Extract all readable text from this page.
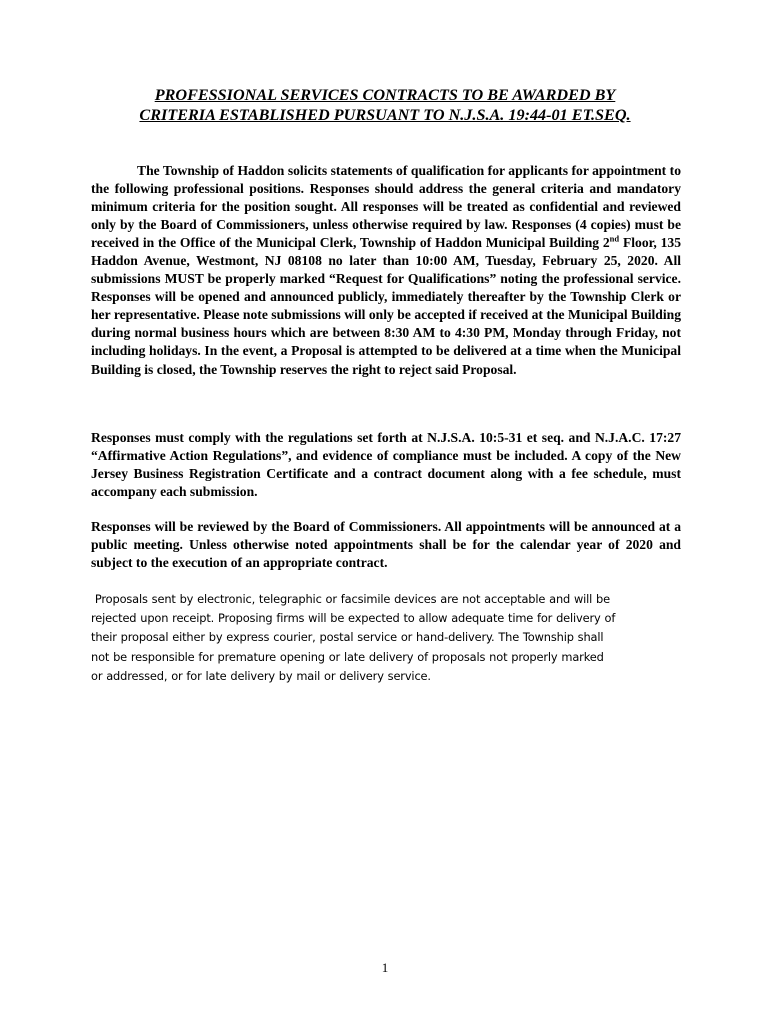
PROFESSIONAL SERVICES CONTRACTS TO BE AWARDED BY
CRITERIA ESTABLISHED PURSUANT TO N.J.S.A. 19:44-01 ET.SEQ.

The Township of Haddon solicits statements of qualification for applicants for appointment to the following professional positions. Responses should address the general criteria and mandatory minimum criteria for the position sought. All responses will be treated as confidential and reviewed only by the Board of Commissioners, unless otherwise required by law. Responses (4 copies) must be received in the Office of the Municipal Clerk, Township of Haddon Municipal Building 2nd Floor, 135 Haddon Avenue, Westmont, NJ 08108 no later than 10:00 AM, Tuesday, February 25, 2020. All submissions MUST be properly marked “Request for Qualifications” noting the professional service. Responses will be opened and announced publicly, immediately thereafter by the Township Clerk or her representative. Please note submissions will only be accepted if received at the Municipal Building during normal business hours which are between 8:30 AM to 4:30 PM, Monday through Friday, not including holidays. In the event, a Proposal is attempted to be delivered at a time when the Municipal Building is closed, the Township reserves the right to reject said Proposal.

Responses must comply with the regulations set forth at N.J.S.A. 10:5-31 et seq. and N.J.A.C. 17:27 “Affirmative Action Regulations”, and evidence of compliance must be included. A copy of the New Jersey Business Registration Certificate and a contract document along with a fee schedule, must accompany each submission.

Responses will be reviewed by the Board of Commissioners. All appointments will be announced at a public meeting. Unless otherwise noted appointments shall be for the calendar year of 2020 and subject to the execution of an appropriate contract.

Proposals sent by electronic, telegraphic or facsimile devices are not acceptable and will be
rejected upon receipt. Proposing firms will be expected to allow adequate time for delivery of
their proposal either by express courier, postal service or hand-delivery. The Township shall
not be responsible for premature opening or late delivery of proposals not properly marked
or addressed, or for late delivery by mail or delivery service.
1
